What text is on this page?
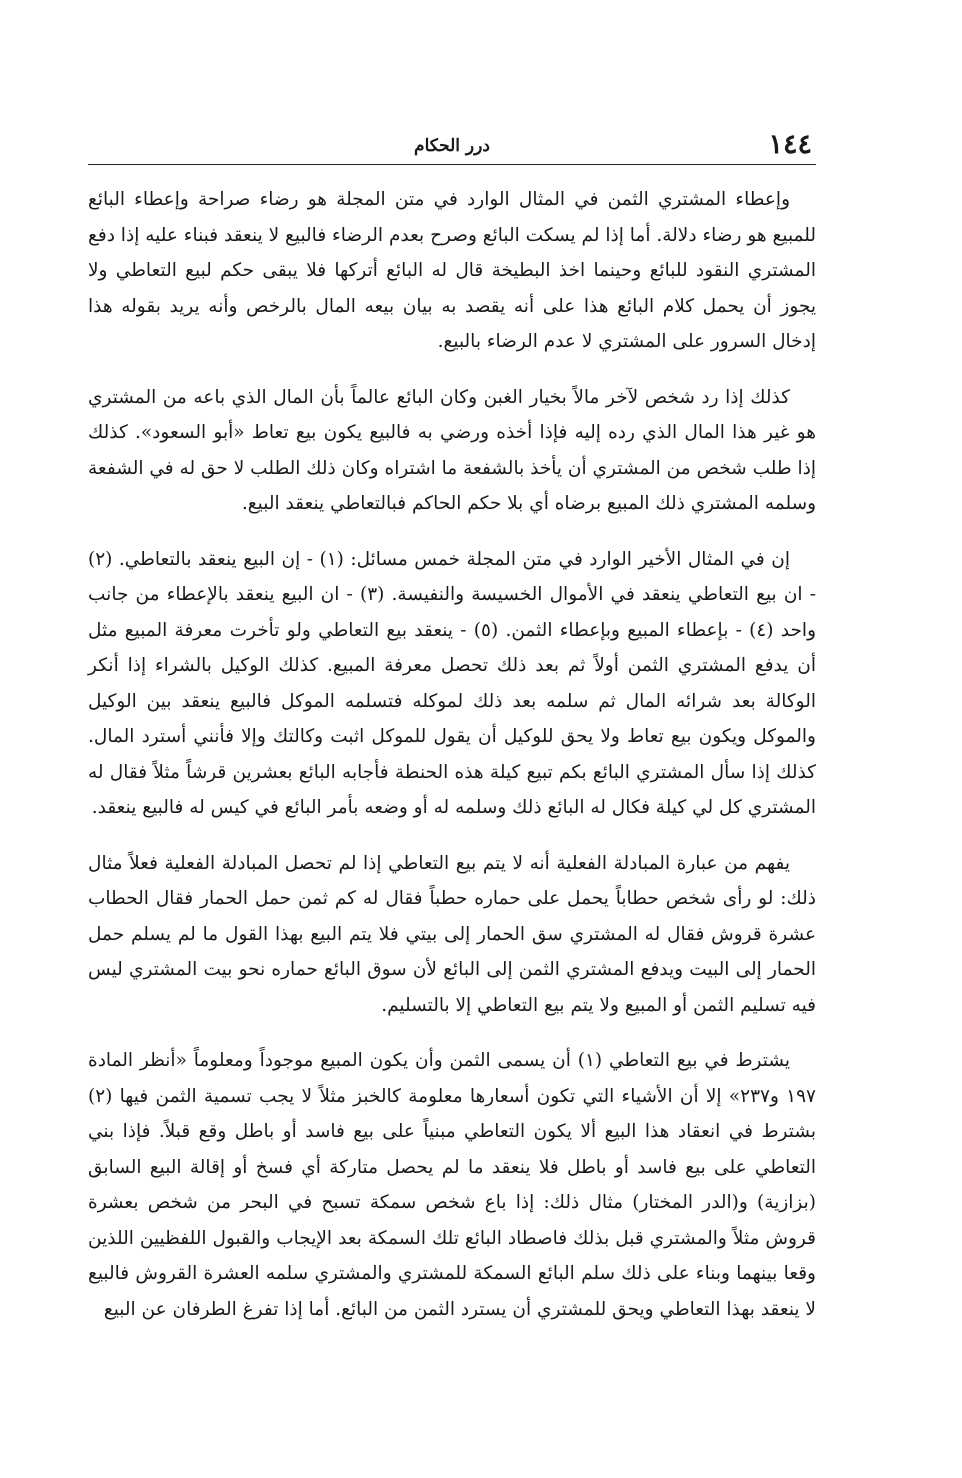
١٤٤
درر الحكام

وإعطاء المشتري الثمن في المثال الوارد في متن المجلة هو رضاء صراحة وإعطاء البائع للمبيع هو رضاء دلالة. أما إذا لم يسكت البائع وصرح بعدم الرضاء فالبيع لا ينعقد فبناء عليه إذا دفع المشتري النقود للبائع وحينما اخذ البطيخة قال له البائع أتركها فلا يبقى حكم لبيع التعاطي ولا يجوز أن يحمل كلام البائع هذا على أنه يقصد به بيان بيعه المال بالرخص وأنه يريد بقوله هذا إدخال السرور على المشتري لا عدم الرضاء بالبيع.

كذلك إذا رد شخص لآخر مالاً بخيار الغبن وكان البائع عالماً بأن المال الذي باعه من المشتري هو غير هذا المال الذي رده إليه فإذا أخذه ورضي به فالبيع يكون بيع تعاط «أبو السعود». كذلك إذا طلب شخص من المشتري أن يأخذ بالشفعة ما اشتراه وكان ذلك الطلب لا حق له في الشفعة وسلمه المشتري ذلك المبيع برضاه أي بلا حكم الحاكم فبالتعاطي ينعقد البيع.

إن في المثال الأخير الوارد في متن المجلة خمس مسائل: (١) - إن البيع ينعقد بالتعاطي. (٢) - ان بيع التعاطي ينعقد في الأموال الخسيسة والنفيسة. (٣) - ان البيع ينعقد بالإعطاء من جانب واحد (٤) - بإعطاء المبيع وبإعطاء الثمن. (٥) - ينعقد بيع التعاطي ولو تأخرت معرفة المبيع مثل أن يدفع المشتري الثمن أولاً ثم بعد ذلك تحصل معرفة المبيع. كذلك الوكيل بالشراء إذا أنكر الوكالة بعد شرائه المال ثم سلمه بعد ذلك لموكله فتسلمه الموكل فالبيع ينعقد بين الوكيل والموكل ويكون بيع تعاط ولا يحق للوكيل أن يقول للموكل اثبت وكالتك وإلا فأنني أسترد المال. كذلك إذا سأل المشتري البائع بكم تبيع كيلة هذه الحنطة فأجابه البائع بعشرين قرشاً مثلاً فقال له المشتري كل لي كيلة فكال له البائع ذلك وسلمه له أو وضعه بأمر البائع في كيس له فالبيع ينعقد.

يفهم من عبارة المبادلة الفعلية أنه لا يتم بيع التعاطي إذا لم تحصل المبادلة الفعلية فعلاً مثال ذلك: لو رأى شخص حطاباً يحمل على حماره حطباً فقال له كم ثمن حمل الحمار فقال الحطاب عشرة قروش فقال له المشتري سق الحمار إلى بيتي فلا يتم البيع بهذا القول ما لم يسلم حمل الحمار إلى البيت ويدفع المشتري الثمن إلى البائع لأن سوق البائع حماره نحو بيت المشتري ليس فيه تسليم الثمن أو المبيع ولا يتم بيع التعاطي إلا بالتسليم.

يشترط في بيع التعاطي (١) أن يسمى الثمن وأن يكون المبيع موجوداً ومعلوماً «أنظر المادة ١٩٧ و٢٣٧» إلا أن الأشياء التي تكون أسعارها معلومة كالخبز مثلاً لا يجب تسمية الثمن فيها (٢) بشترط في انعقاد هذا البيع ألا يكون التعاطي مبنياً على بيع فاسد أو باطل وقع قبلاً. فإذا بني التعاطي على بيع فاسد أو باطل فلا ينعقد ما لم يحصل متاركة أي فسخ أو إقالة البيع السابق (بزازية) و(الدر المختار) مثال ذلك: إذا باع شخص سمكة تسبح في البحر من شخص بعشرة قروش مثلاً والمشتري قبل بذلك فاصطاد البائع تلك السمكة بعد الإيجاب والقبول اللفظيين اللذين وقعا بينهما وبناء على ذلك سلم البائع السمكة للمشتري والمشتري سلمه العشرة القروش فالبيع لا ينعقد بهذا التعاطي ويحق للمشتري أن يسترد الثمن من البائع. أما إذا تفرغ الطرفان عن البيع
